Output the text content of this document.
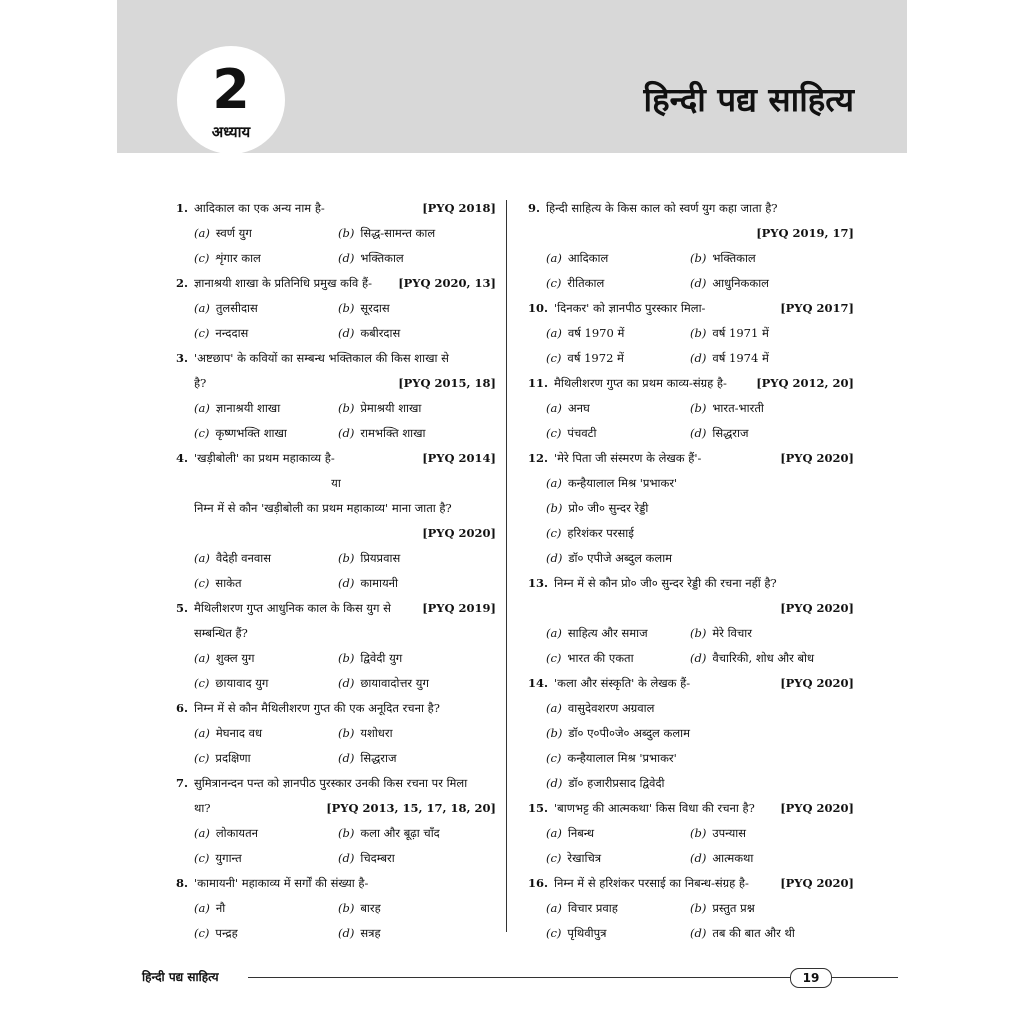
2
अध्याय
हिन्दी पद्य साहित्य
1. आदिकाल का एक अन्य नाम है-	[PYQ 2018]
(a) स्वर्ण युग	(b) सिद्ध-सामन्त काल
(c) शृंगार काल	(d) भक्तिकाल
2. ज्ञानाश्रयी शाखा के प्रतिनिधि प्रमुख कवि हैं- [PYQ 2020, 13]
(a) तुलसीदास	(b) सूरदास
(c) नन्ददास	(d) कबीरदास
3. 'अष्टछाप' के कवियों का सम्बन्ध भक्तिकाल की किस शाखा से
है?	[PYQ 2015, 18]
(a) ज्ञानाश्रयी शाखा	(b) प्रेमाश्रयी शाखा
(c) कृष्णभक्ति शाखा	(d) रामभक्ति शाखा
4. 'खड़ीबोली' का प्रथम महाकाव्य है-	[PYQ 2014]
या
निम्न में से कौन 'खड़ीबोली का प्रथम महाकाव्य' माना जाता है?
[PYQ 2020]
(a) वैदेही वनवास	(b) प्रियप्रवास
(c) साकेत	(d) कामायनी
5. मैथिलीशरण गुप्त आधुनिक काल के किस युग से सम्बन्धित हैं?
[PYQ 2019]
(a) शुक्ल युग	(b) द्विवेदी युग
(c) छायावाद युग	(d) छायावादोत्तर युग
6. निम्न में से कौन मैथिलीशरण गुप्त की एक अनूदित रचना है?
(a) मेघनाद वध	(b) यशोधरा
(c) प्रदक्षिणा	(d) सिद्धराज
7. सुमित्रानन्दन पन्त को ज्ञानपीठ पुरस्कार उनकी किस रचना पर मिला
था?	[PYQ 2013, 15, 17, 18, 20]
(a) लोकायतन	(b) कला और बूढ़ा चाँद
(c) युगान्त	(d) चिदम्बरा
8. 'कामायनी' महाकाव्य में सर्गों की संख्या है-
(a) नौ	(b) बारह
(c) पन्द्रह	(d) सत्रह
9. हिन्दी साहित्य के किस काल को स्वर्ण युग कहा जाता है?
[PYQ 2019, 17]
(a) आदिकाल	(b) भक्तिकाल
(c) रीतिकाल	(d) आधुनिककाल
10. 'दिनकर' को ज्ञानपीठ पुरस्कार मिला-	[PYQ 2017]
(a) वर्ष 1970 में	(b) वर्ष 1971 में
(c) वर्ष 1972 में	(d) वर्ष 1974 में
11. मैथिलीशरण गुप्त का प्रथम काव्य-संग्रह है-	[PYQ 2012, 20]
(a) अनघ	(b) भारत-भारती
(c) पंचवटी	(d) सिद्धराज
12. 'मेरे पिता जी संस्मरण के लेखक हैं'-	[PYQ 2020]
(a) कन्हैयालाल मिश्र 'प्रभाकर'
(b) प्रो० जी० सुन्दर रेड्डी
(c) हरिशंकर परसाई
(d) डॉ० एपीजे अब्दुल कलाम
13. निम्न में से कौन प्रो० जी० सुन्दर रेड्डी की रचना नहीं है?
[PYQ 2020]
(a) साहित्य और समाज	(b) मेरे विचार
(c) भारत की एकता	(d) वैचारिकी, शोध और बोध
14. 'कला और संस्कृति' के लेखक हैं-	[PYQ 2020]
(a) वासुदेवशरण अग्रवाल
(b) डॉ० ए०पी०जे० अब्दुल कलाम
(c) कन्हैयालाल मिश्र 'प्रभाकर'
(d) डॉ० हजारीप्रसाद द्विवेदी
15. 'बाणभट्ट की आत्मकथा' किस विधा की रचना है? [PYQ 2020]
(a) निबन्ध	(b) उपन्यास
(c) रेखाचित्र	(d) आत्मकथा
16. निम्न में से हरिशंकर परसाई का निबन्ध-संग्रह है-	[PYQ 2020]
(a) विचार प्रवाह	(b) प्रस्तुत प्रश्न
(c) पृथिवीपुत्र	(d) तब की बात और थी
हिन्दी पद्य साहित्य	19
